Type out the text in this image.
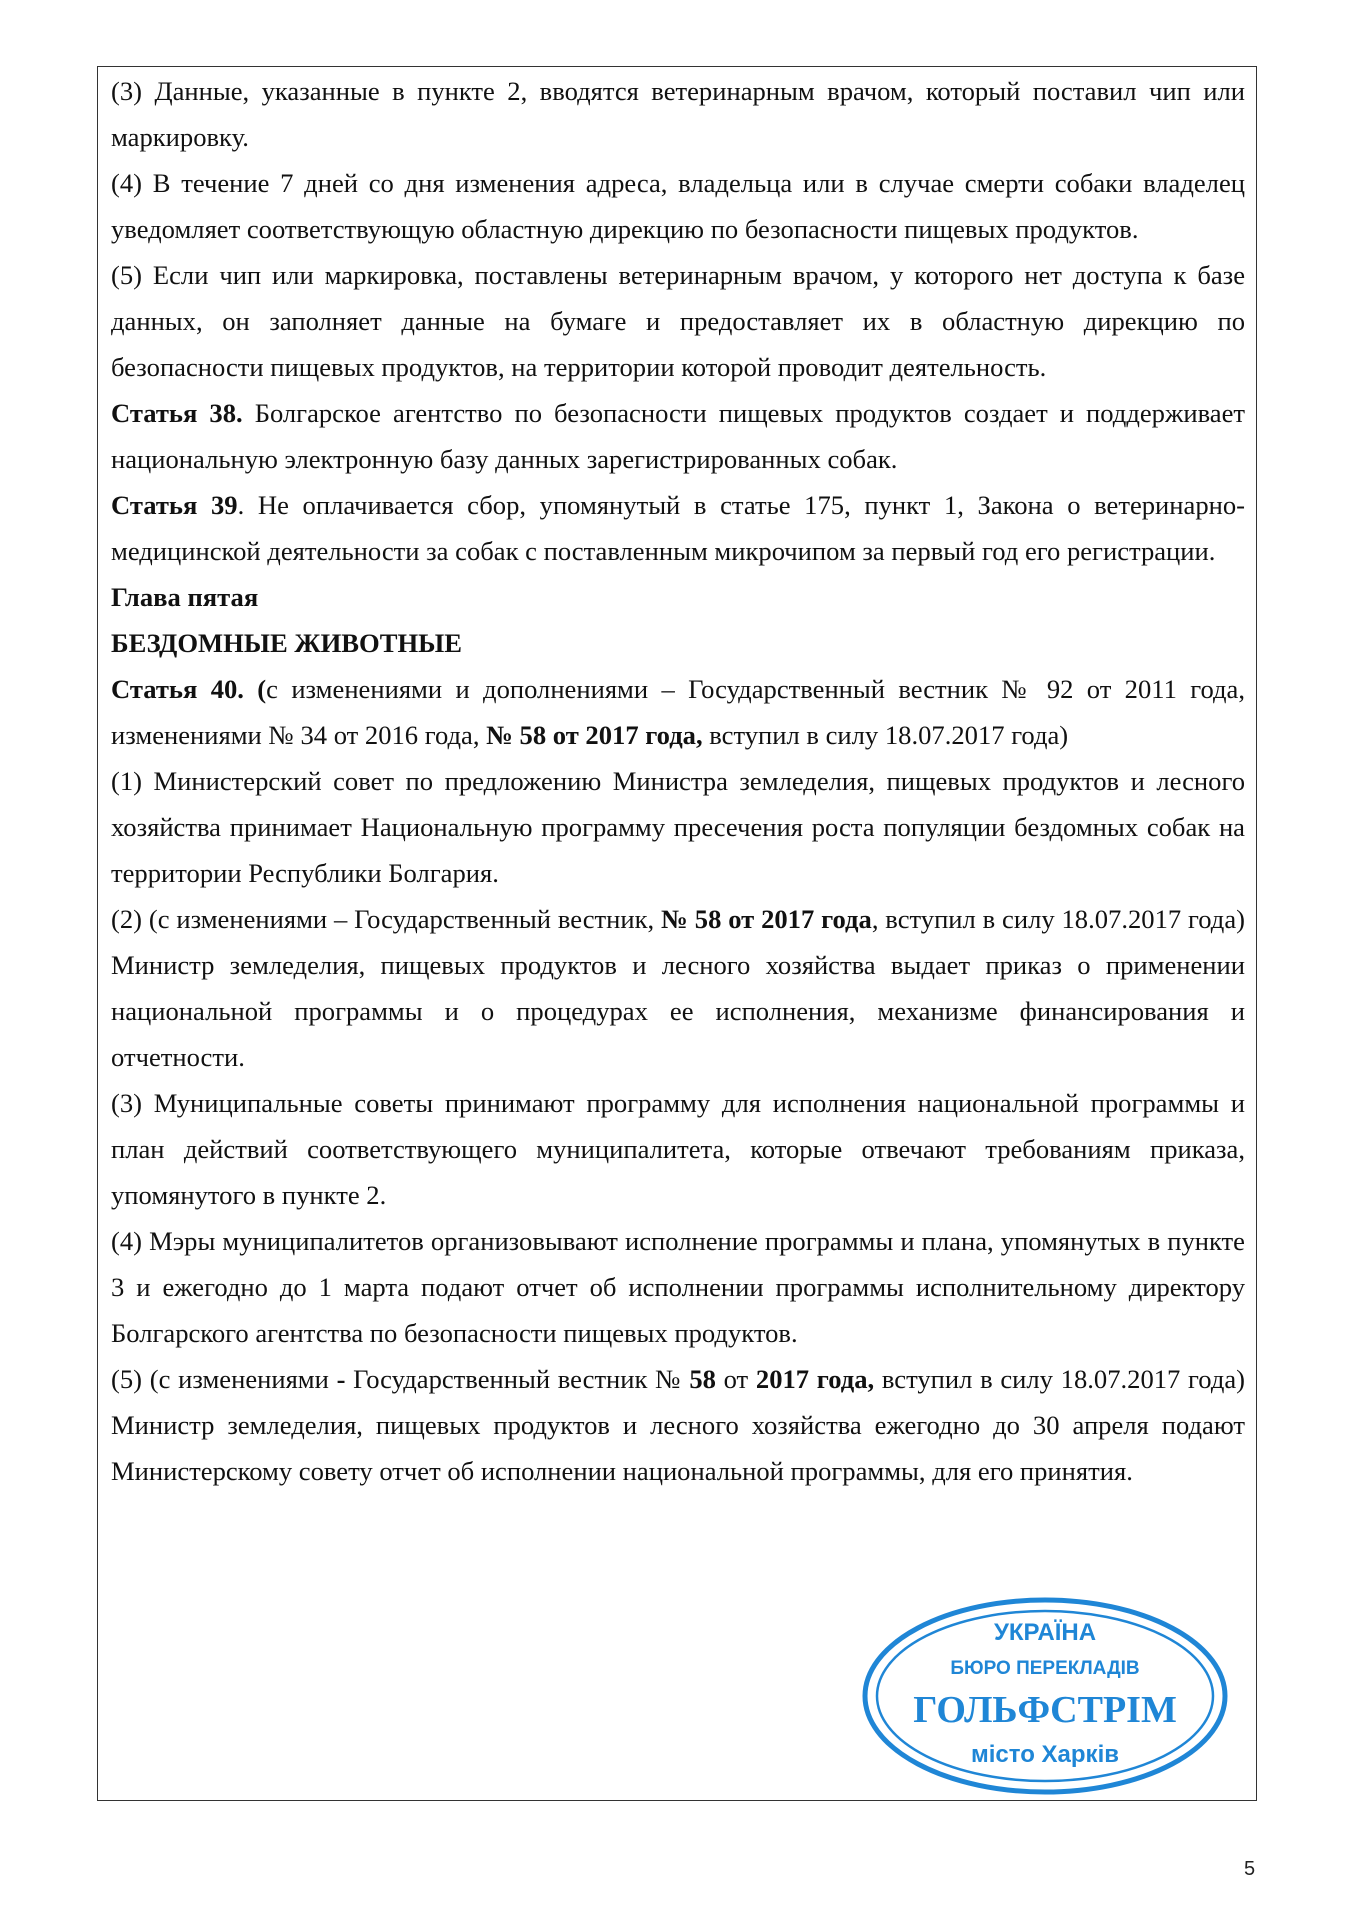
(3) Данные, указанные в пункте 2, вводятся ветеринарным врачом, который поставил чип или маркировку.

(4) В течение 7 дней со дня изменения адреса, владельца или в случае смерти собаки владелец уведомляет соответствующую областную дирекцию по безопасности пищевых продуктов.

(5) Если чип или маркировка, поставлены ветеринарным врачом, у которого нет доступа к базе данных, он заполняет данные на бумаге и предоставляет их в областную дирекцию по безопасности пищевых продуктов, на территории которой проводит деятельность.

Статья 38. Болгарское агентство по безопасности пищевых продуктов создает и поддерживает национальную электронную базу данных зарегистрированных собак.

Статья 39. Не оплачивается сбор, упомянутый в статье 175, пункт 1, Закона о ветеринарно-медицинской деятельности за собак с поставленным микрочипом за первый год его регистрации.

Глава пятая

БЕЗДОМНЫЕ ЖИВОТНЫЕ

Статья 40. (с изменениями и дополнениями – Государственный вестник № 92 от 2011 года, изменениями № 34 от 2016 года, № 58 от 2017 года, вступил в силу 18.07.2017 года)

(1) Министерский совет по предложению Министра земледелия, пищевых продуктов и лесного хозяйства принимает Национальную программу пресечения роста популяции бездомных собак на территории Республики Болгария.

(2) (с изменениями – Государственный вестник, № 58 от 2017 года, вступил в силу 18.07.2017 года) Министр земледелия, пищевых продуктов и лесного хозяйства выдает приказ о применении национальной программы и о процедурах ее исполнения, механизме финансирования и отчетности.

(3) Муниципальные советы принимают программу для исполнения национальной программы и план действий соответствующего муниципалитета, которые отвечают требованиям приказа, упомянутого в пункте 2.

(4) Мэры муниципалитетов организовывают исполнение программы и плана, упомянутых в пункте 3 и ежегодно до 1 марта подают отчет об исполнении программы исполнительному директору Болгарского агентства по безопасности пищевых продуктов.

(5) (с изменениями - Государственный вестник № 58 от 2017 года, вступил в силу 18.07.2017 года) Министр земледелия, пищевых продуктов и лесного хозяйства ежегодно до 30 апреля подают Министерскому совету отчет об исполнении национальной программы, для его принятия.

5
УКРАЇНА
БЮРО ПЕРЕКЛАДІВ
ГОЛЬФСТРІМ
місто Харків
